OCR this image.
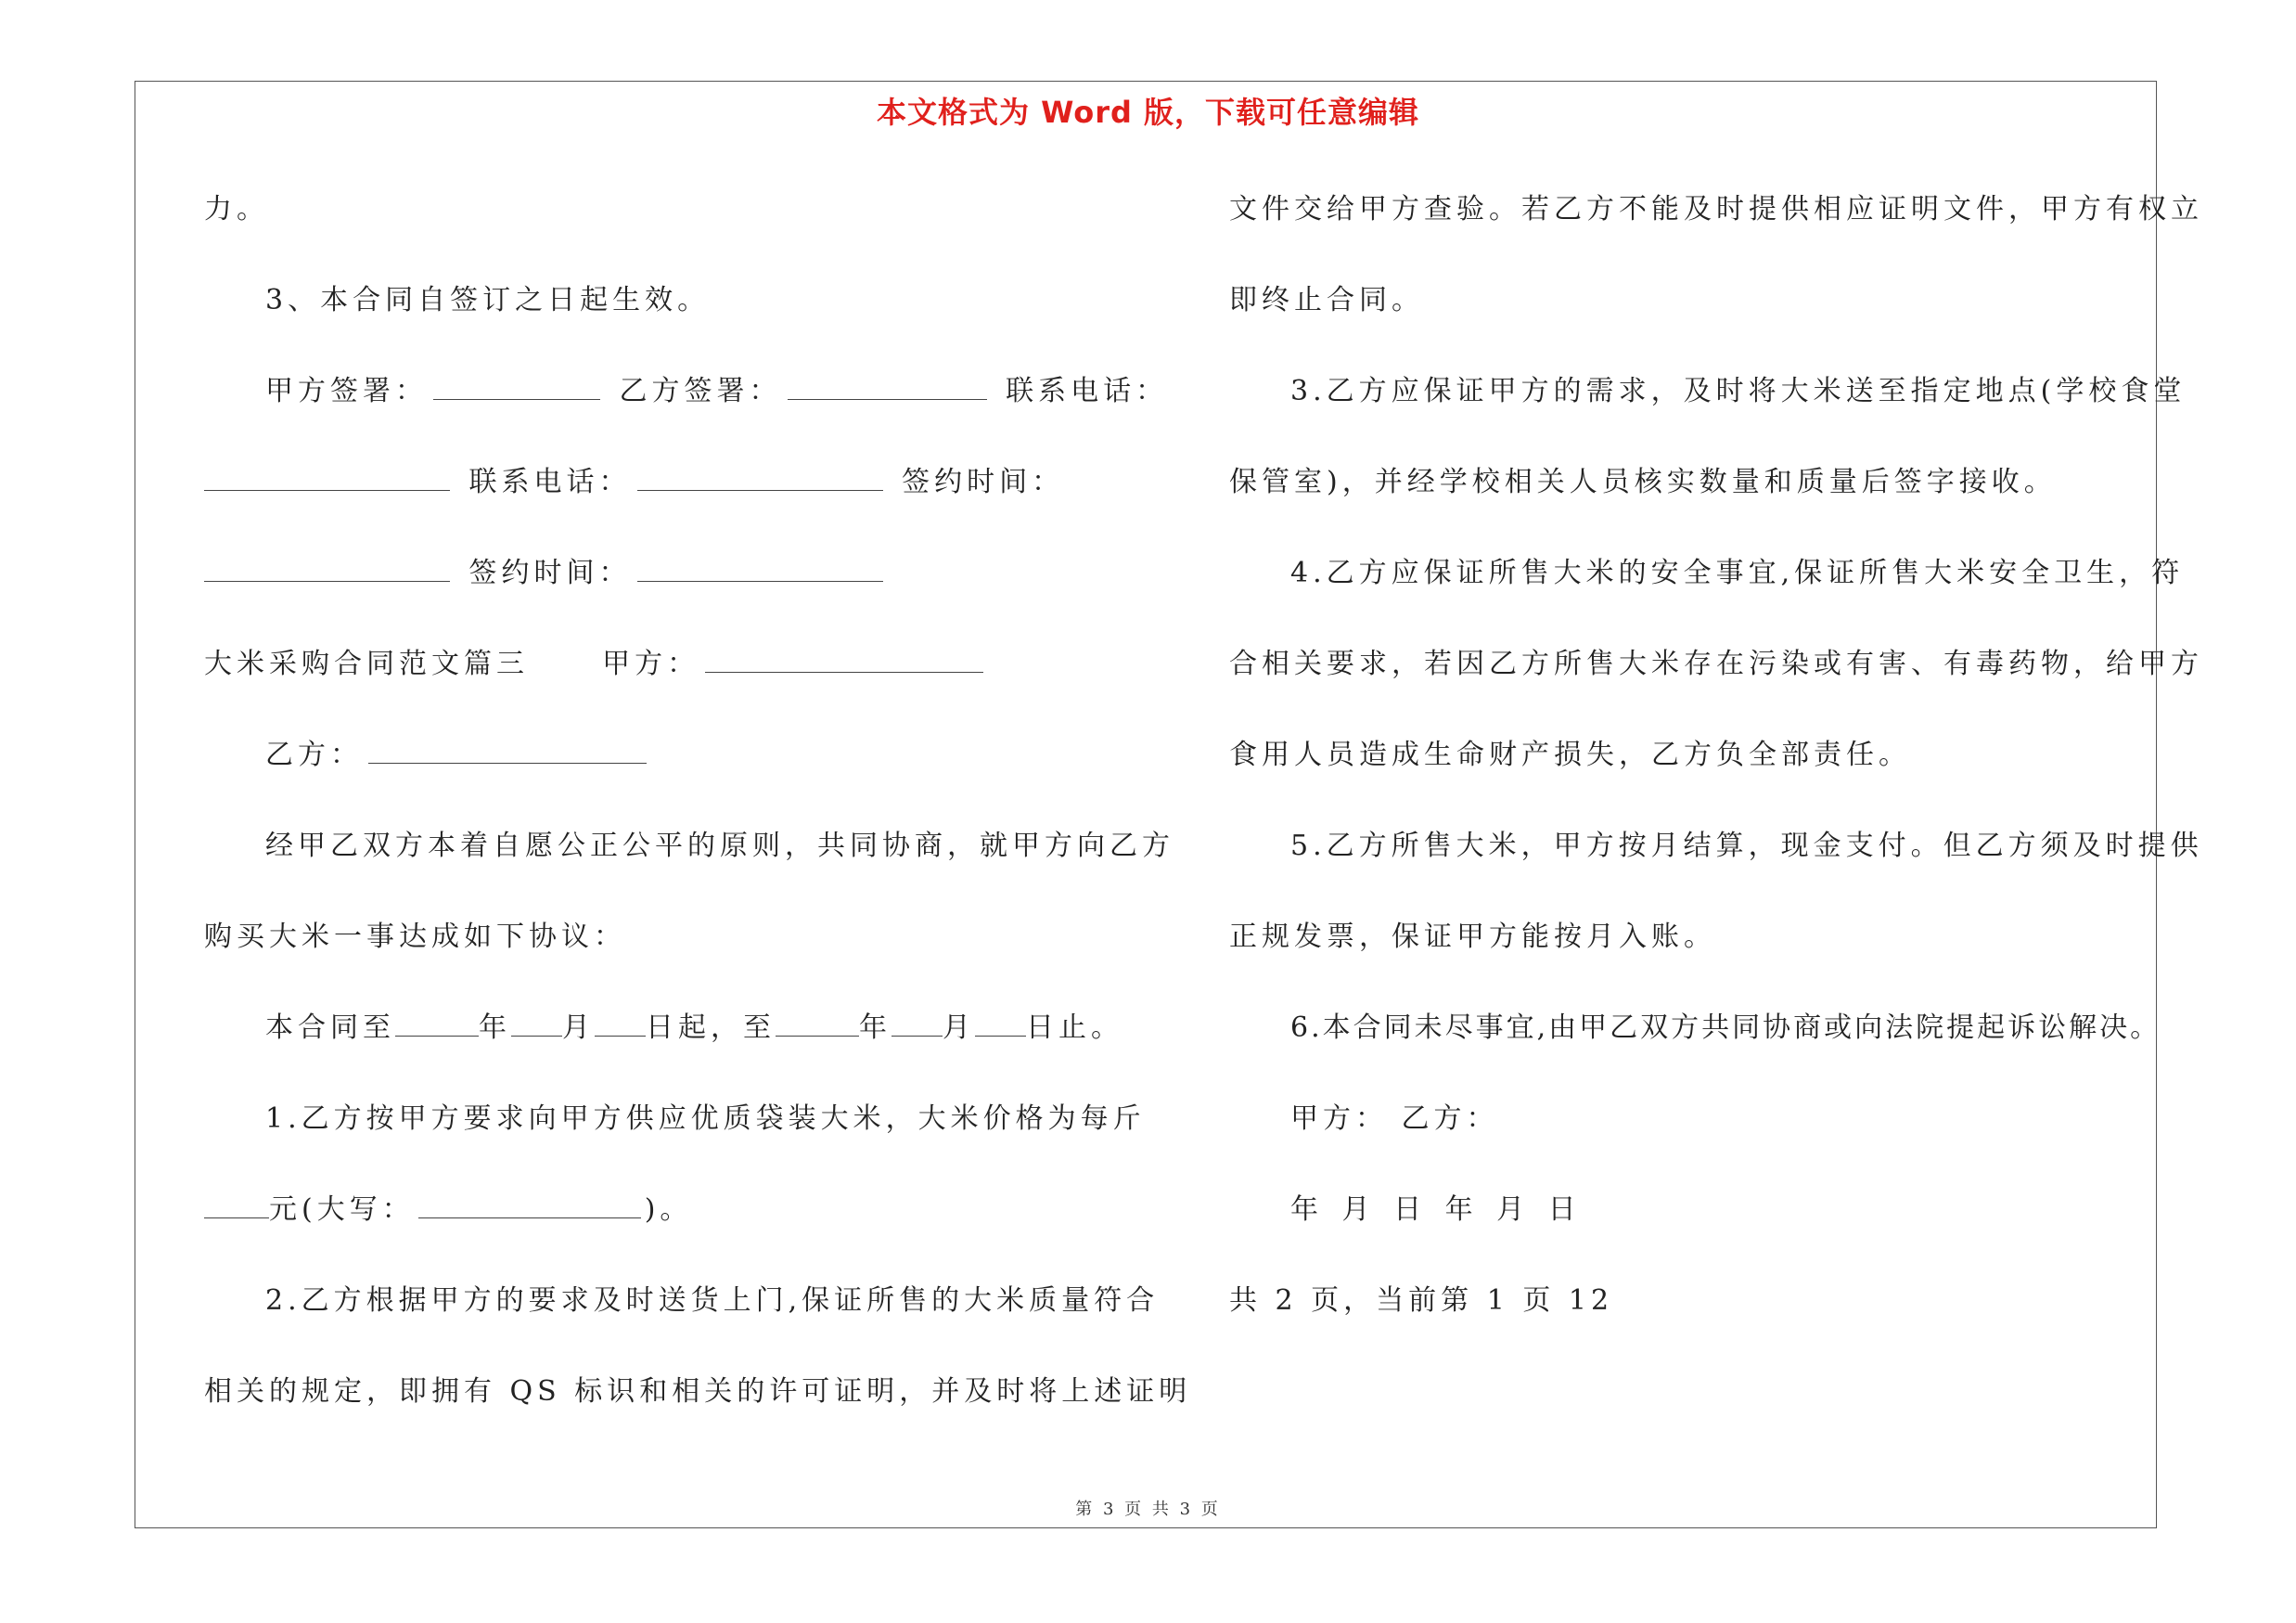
本文格式为 Word 版，下载可任意编辑
力。
3、本合同自签订之日起生效。
甲方签署：	乙方签署：	联系电话：
联系电话：	签约时间：
签约时间：
大米采购合同范文篇三	甲方：
乙方：
经甲乙双方本着自愿公正公平的原则，共同协商，就甲方向乙方
购买大米一事达成如下协议：
本合同至	年 月 日起，至	年 月 日止。
1.乙方按甲方要求向甲方供应优质袋装大米，大米价格为每斤
元(大写：	)。
2.乙方根据甲方的要求及时送货上门,保证所售的大米质量符合
相关的规定，即拥有 QS 标识和相关的许可证明，并及时将上述证明
文件交给甲方查验。若乙方不能及时提供相应证明文件，甲方有权立
即终止合同。
3.乙方应保证甲方的需求，及时将大米送至指定地点(学校食堂
保管室)，并经学校相关人员核实数量和质量后签字接收。
4.乙方应保证所售大米的安全事宜,保证所售大米安全卫生，符
合相关要求，若因乙方所售大米存在污染或有害、有毒药物，给甲方
食用人员造成生命财产损失，乙方负全部责任。
5.乙方所售大米，甲方按月结算，现金支付。但乙方须及时提供
正规发票，保证甲方能按月入账。
6.本合同未尽事宜,由甲乙双方共同协商或向法院提起诉讼解决。
甲方： 乙方：
年 月 日 年 月 日
共 2 页，当前第 1 页 12
第 3 页 共 3 页
